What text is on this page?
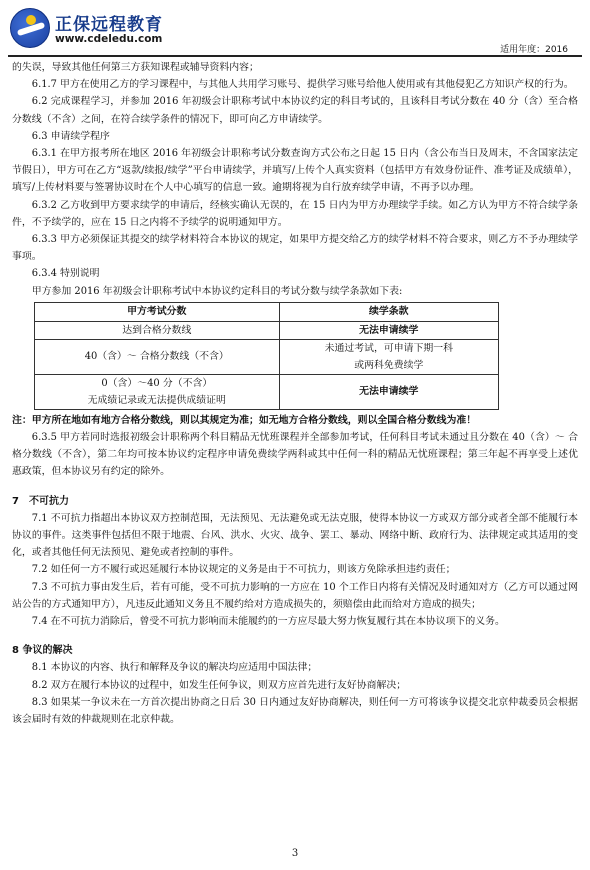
正保远程教育
www.cdeledu.com
适用年度：2016
的失误，导致其他任何第三方获知课程或辅导资料内容；
6.1.7 甲方在使用乙方的学习课程中，与其他人共用学习账号、提供学习账号给他人使用或有其他侵犯乙方知识产权的行为。
6.2 完成课程学习，并参加 2016 年初级会计职称考试中本协议约定的科目考试的，且该科目考试分数在 40 分（含）至合格分数线（不含）之间，在符合续学条件的情况下，即可向乙方申请续学。
6.3 申请续学程序
6.3.1 在甲方报考所在地区 2016 年初级会计职称考试分数查询方式公布之日起 15 日内（含公布当日及周末，不含国家法定节假日），甲方可在乙方“返款/续报/续学”平台申请续学，并填写/上传个人真实资料（包括甲方有效身份证件、准考证及成绩单），填写/上传材料要与签署协议时在个人中心填写的信息一致。逾期将视为自行放弃续学申请，不再予以办理。
6.3.2 乙方收到甲方要求续学的申请后，经核实确认无误的，在 15 日内为甲方办理续学手续。如乙方认为甲方不符合续学条件，不予续学的，应在 15 日之内将不予续学的说明通知甲方。
6.3.3 甲方必须保证其提交的续学材料符合本协议的规定，如果甲方提交给乙方的续学材料不符合要求，则乙方不予办理续学事项。
6.3.4 特别说明
甲方参加 2016 年初级会计职称考试中本协议约定科目的考试分数与续学条款如下表:
甲方考试分数	续学条款
达到合格分数线	无法申请续学
40（含）～ 合格分数线（不含）	未通过考试，可申请下期一科
或两科免费续学

0（含）～40 分（不含）
无成绩记录或无法提供成绩证明	无法申请续学
注：甲方所在地如有地方合格分数线，则以其规定为准；如无地方合格分数线，则以全国合格分数线为准！
6.3.5 甲方若同时选报初级会计职称两个科目精品无忧班课程并全部参加考试，任何科目考试未通过且分数在 40（含）～ 合格分数线（不含），第二年均可按本协议约定程序申请免费续学两科或其中任何一科的精品无忧班课程；第三年起不再享受上述优惠政策，但本协议另有约定的除外。
7　不可抗力
7.1 不可抗力指超出本协议双方控制范围，无法预见、无法避免或无法克服，使得本协议一方或双方部分或者全部不能履行本协议的事件。这类事件包括但不限于地震、台风、洪水、火灾、战争、罢工、暴动、网络中断、政府行为、法律规定或其适用的变化，或者其他任何无法预见、避免或者控制的事件。
7.2 如任何一方不履行或迟延履行本协议规定的义务是由于不可抗力，则该方免除承担违约责任；
7.3 不可抗力事由发生后，若有可能，受不可抗力影响的一方应在 10 个工作日内将有关情况及时通知对方（乙方可以通过网站公告的方式通知甲方），凡违反此通知义务且不履约给对方造成损失的，须赔偿由此而给对方造成的损失；
7.4 在不可抗力消除后，曾受不可抗力影响而未能履约的一方应尽最大努力恢复履行其在本协议项下的义务。
8 争议的解决
8.1 本协议的内容、执行和解释及争议的解决均应适用中国法律；
8.2 双方在履行本协议的过程中，如发生任何争议，则双方应首先进行友好协商解决；
8.3 如果某一争议未在一方首次提出协商之日后 30 日内通过友好协商解决，则任何一方可将该争议提交北京仲裁委员会根据该会届时有效的仲裁规则在北京仲裁。
3
